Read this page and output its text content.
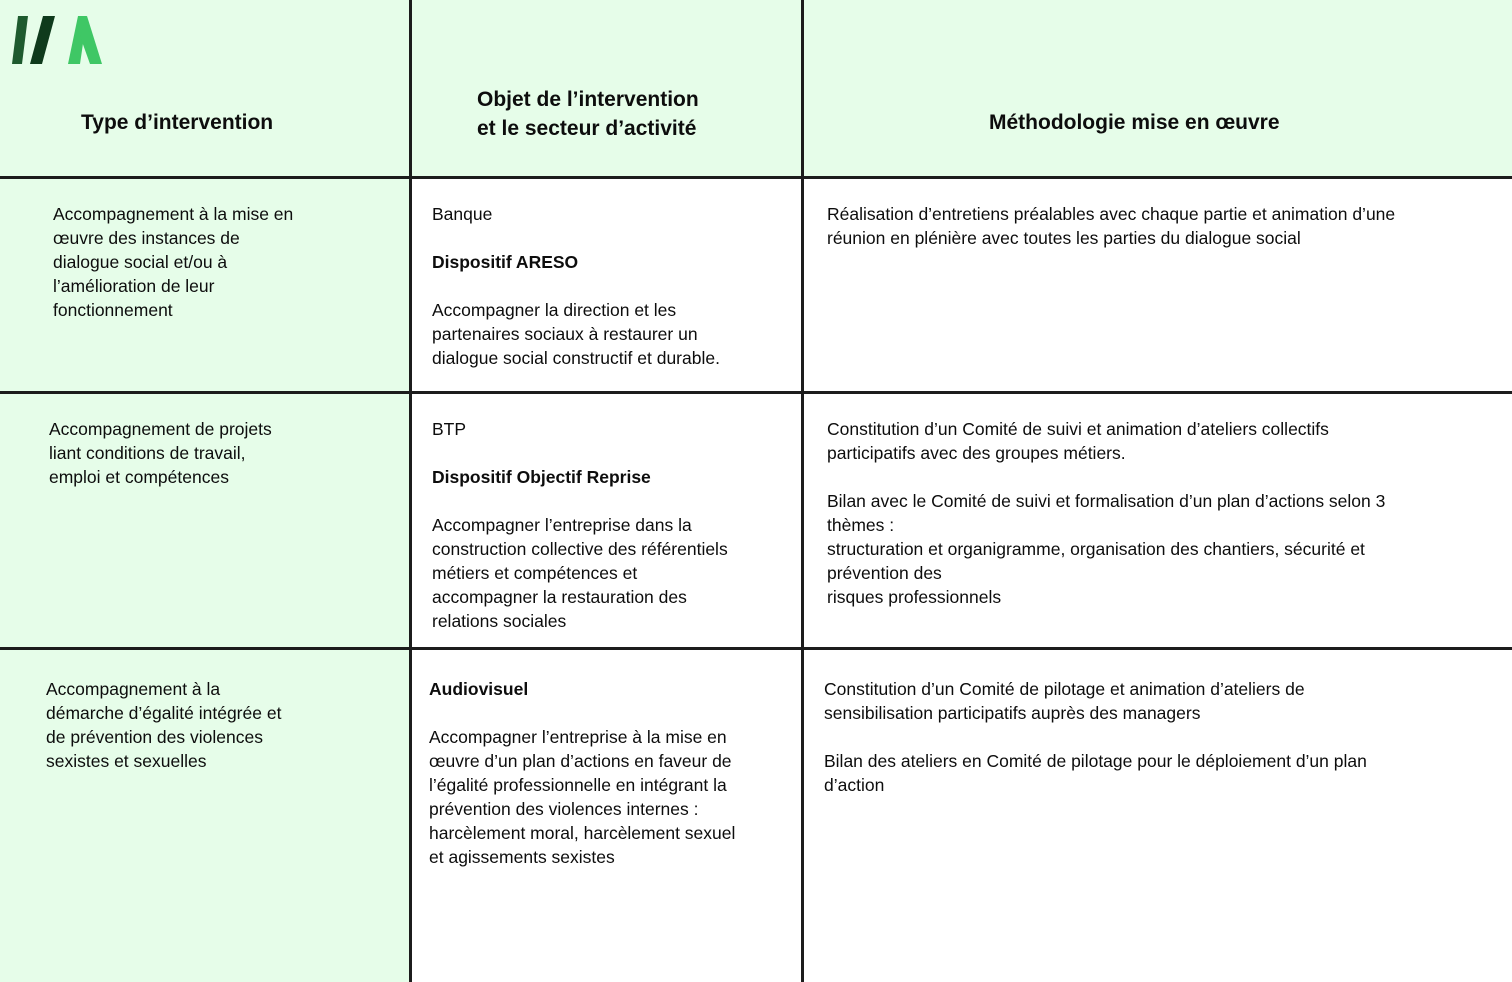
Type d’intervention
Objet de l’intervention
et le secteur d’activité	Méthodologie mise en œuvre

Accompagnement à la mise en

œuvre des instances de

dialogue social et/ou à

l’amélioration de leur

fonctionnement

Banque

Dispositif ARESO

Accompagner la direction et les

partenaires sociaux à restaurer un

dialogue social constructif et durable.

Réalisation d’entretiens préalables avec chaque partie et animation d’une

réunion en plénière avec toutes les parties du dialogue social

Accompagnement de projets

liant conditions de travail,

emploi et compétences

BTP

Dispositif Objectif Reprise

Accompagner l’entreprise dans la

construction collective des référentiels

métiers et compétences et

accompagner la restauration des

relations sociales

Constitution d’un Comité de suivi et animation d’ateliers collectifs

participatifs avec des groupes métiers.

Bilan avec le Comité de suivi et formalisation d’un plan d’actions selon 3

thèmes :

structuration et organigramme, organisation des chantiers, sécurité et

prévention des

risques professionnels

Accompagnement à la

démarche d’égalité intégrée et

de prévention des violences

sexistes et sexuelles

Audiovisuel

Accompagner l’entreprise à la mise en

œuvre d’un plan d’actions en faveur de

l’égalité professionnelle en intégrant la

prévention des violences internes :

harcèlement moral, harcèlement sexuel

et agissements sexistes

Constitution d’un Comité de pilotage et animation d’ateliers de

sensibilisation participatifs auprès des managers

Bilan des ateliers en Comité de pilotage pour le déploiement d’un plan

d’action
